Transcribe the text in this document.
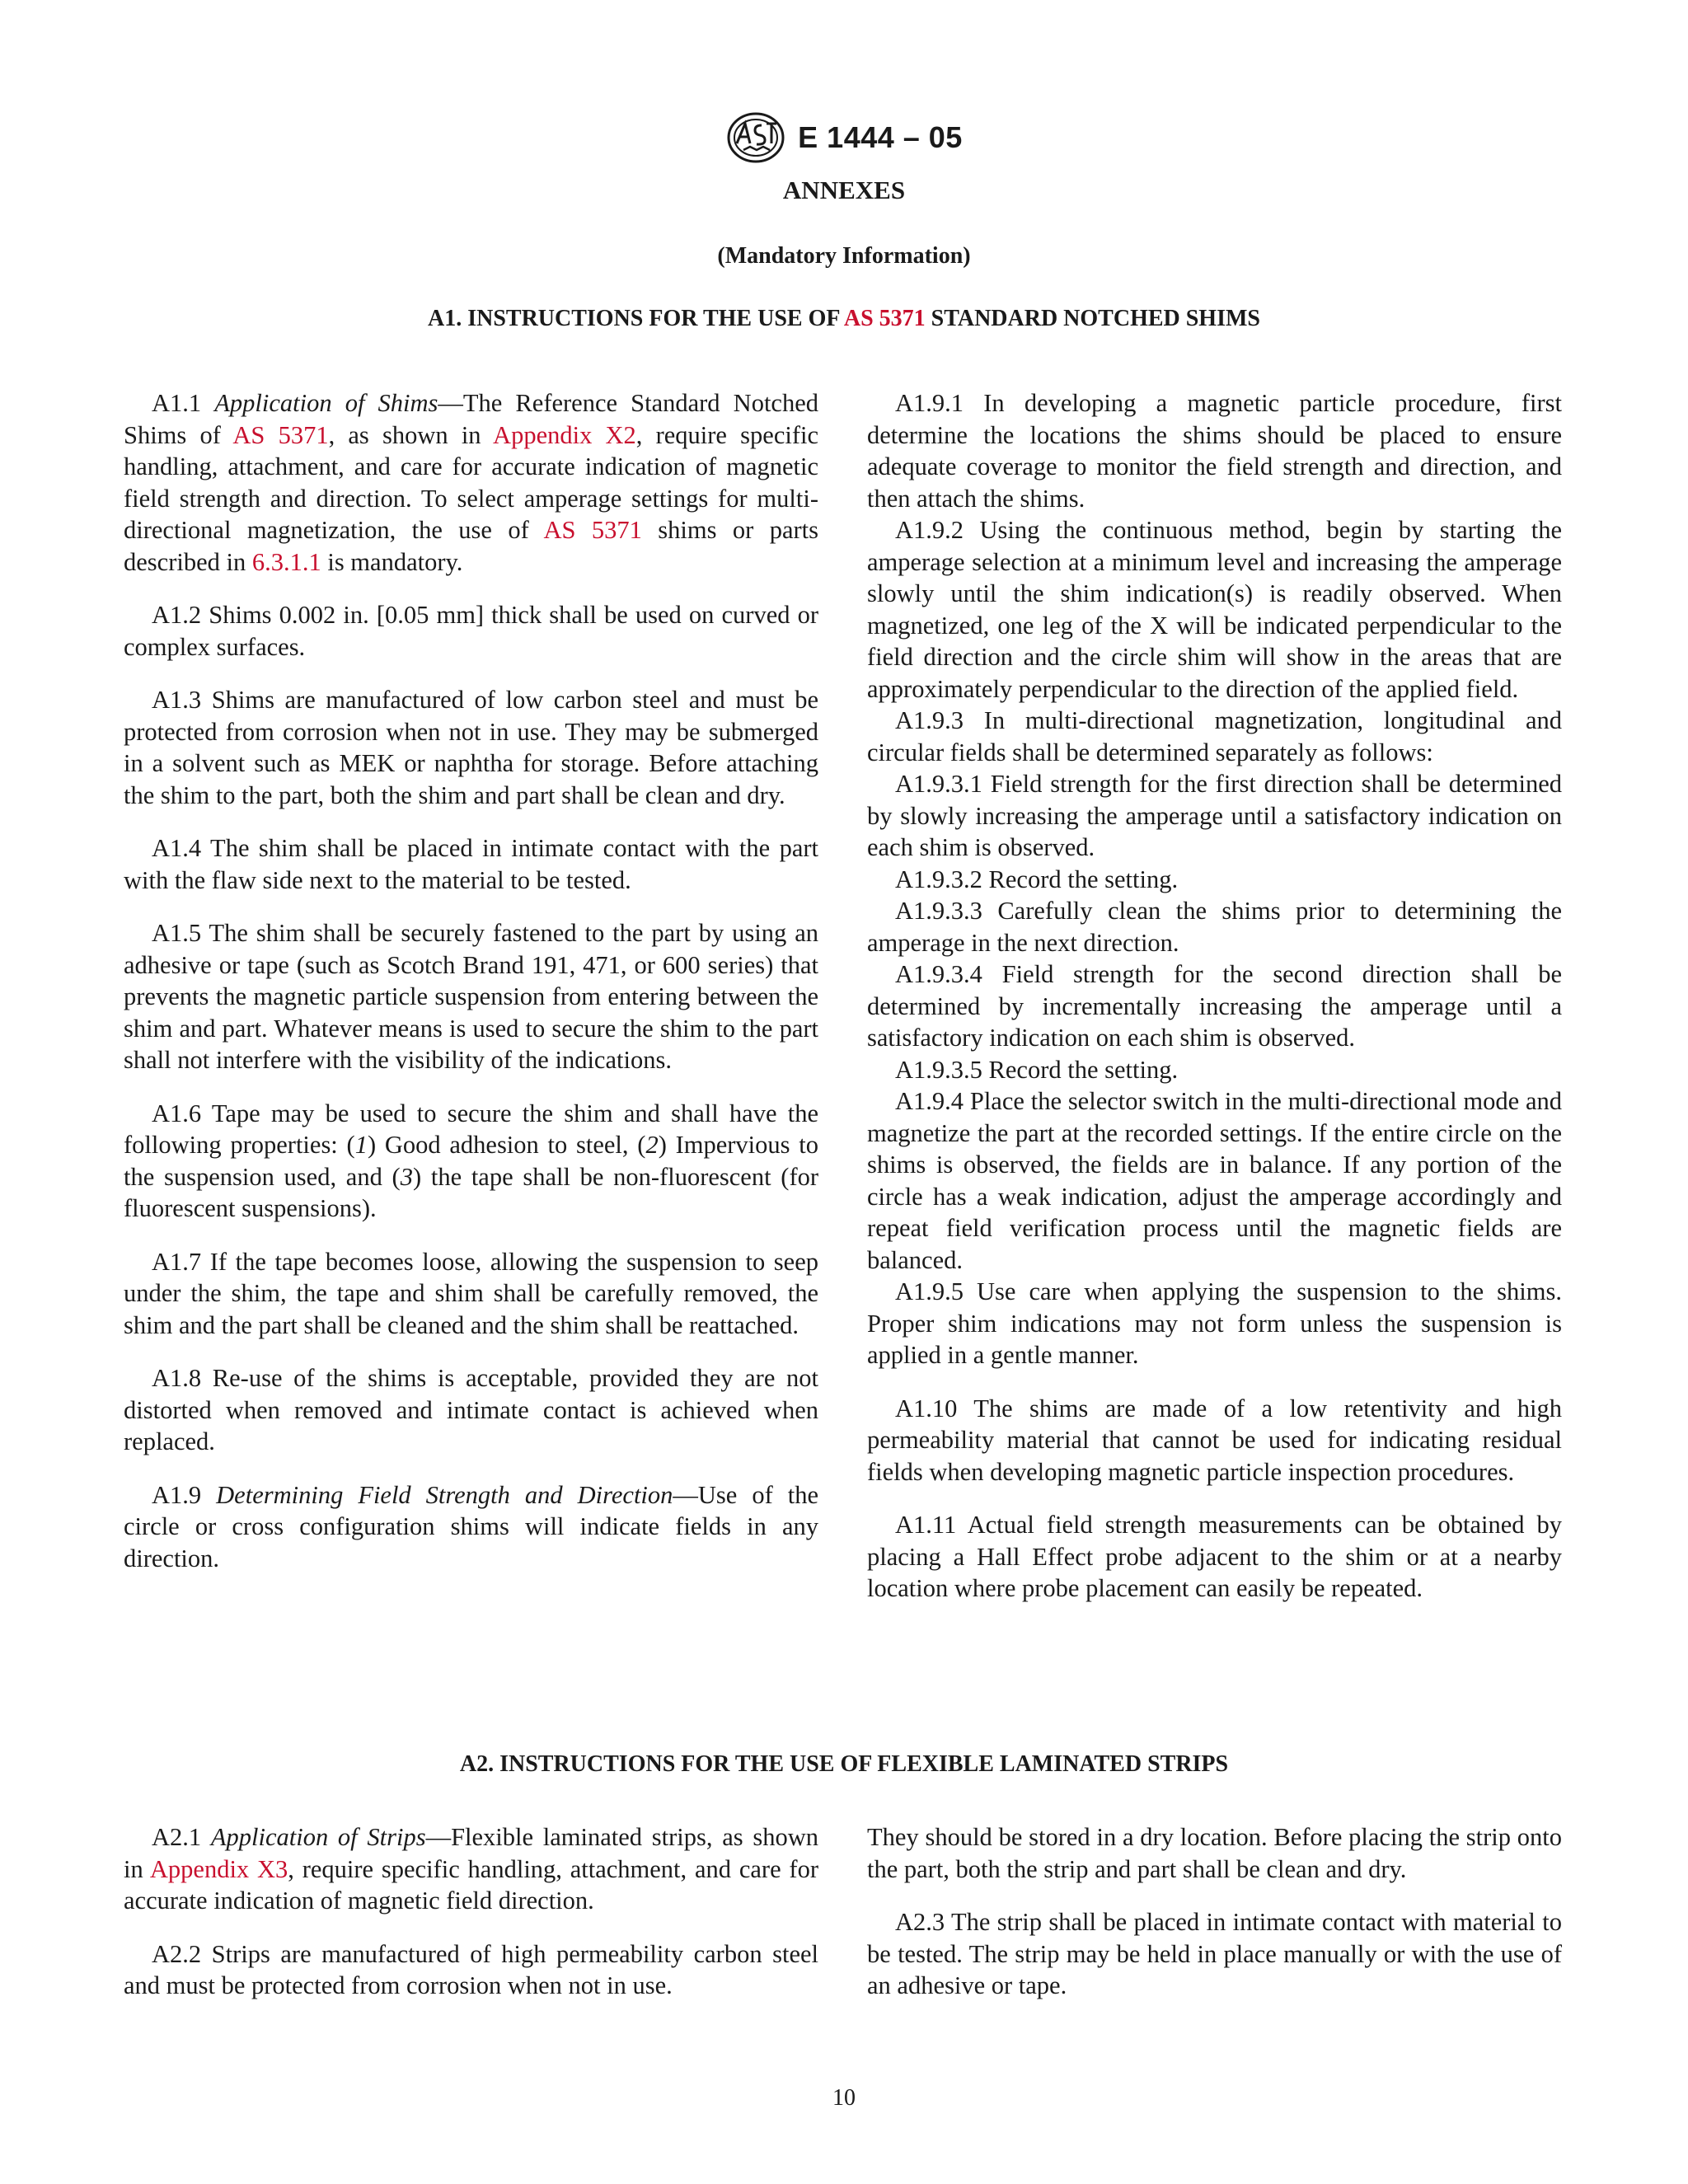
E 1444 – 05
ANNEXES
(Mandatory Information)
A1. INSTRUCTIONS FOR THE USE OF AS 5371 STANDARD NOTCHED SHIMS

A1.1 Application of Shims—The Reference Standard Notched Shims of AS 5371, as shown in Appendix X2, require specific handling, attachment, and care for accurate indication of magnetic field strength and direction. To select amperage settings for multi-directional magnetization, the use of AS 5371 shims or parts described in 6.3.1.1 is mandatory.

A1.2 Shims 0.002 in. [0.05 mm] thick shall be used on curved or complex surfaces.

A1.3 Shims are manufactured of low carbon steel and must be protected from corrosion when not in use. They may be submerged in a solvent such as MEK or naphtha for storage. Before attaching the shim to the part, both the shim and part shall be clean and dry.

A1.4 The shim shall be placed in intimate contact with the part with the flaw side next to the material to be tested.

A1.5 The shim shall be securely fastened to the part by using an adhesive or tape (such as Scotch Brand 191, 471, or 600 series) that prevents the magnetic particle suspension from entering between the shim and part. Whatever means is used to secure the shim to the part shall not interfere with the visibility of the indications.

A1.6 Tape may be used to secure the shim and shall have the following properties: (1) Good adhesion to steel, (2) Impervious to the suspension used, and (3) the tape shall be non-fluorescent (for fluorescent suspensions).

A1.7 If the tape becomes loose, allowing the suspension to seep under the shim, the tape and shim shall be carefully removed, the shim and the part shall be cleaned and the shim shall be reattached.

A1.8 Re-use of the shims is acceptable, provided they are not distorted when removed and intimate contact is achieved when replaced.

A1.9 Determining Field Strength and Direction—Use of the circle or cross configuration shims will indicate fields in any direction.

A1.9.1 In developing a magnetic particle procedure, first determine the locations the shims should be placed to ensure adequate coverage to monitor the field strength and direction, and then attach the shims.

A1.9.2 Using the continuous method, begin by starting the amperage selection at a minimum level and increasing the amperage slowly until the shim indication(s) is readily observed. When magnetized, one leg of the X will be indicated perpendicular to the field direction and the circle shim will show in the areas that are approximately perpendicular to the direction of the applied field.

A1.9.3 In multi-directional magnetization, longitudinal and circular fields shall be determined separately as follows:

A1.9.3.1 Field strength for the first direction shall be determined by slowly increasing the amperage until a satisfactory indication on each shim is observed.

A1.9.3.2 Record the setting.

A1.9.3.3 Carefully clean the shims prior to determining the amperage in the next direction.

A1.9.3.4 Field strength for the second direction shall be determined by incrementally increasing the amperage until a satisfactory indication on each shim is observed.

A1.9.3.5 Record the setting.

A1.9.4 Place the selector switch in the multi-directional mode and magnetize the part at the recorded settings. If the entire circle on the shims is observed, the fields are in balance. If any portion of the circle has a weak indication, adjust the amperage accordingly and repeat field verification process until the magnetic fields are balanced.

A1.9.5 Use care when applying the suspension to the shims. Proper shim indications may not form unless the suspension is applied in a gentle manner.

A1.10 The shims are made of a low retentivity and high permeability material that cannot be used for indicating residual fields when developing magnetic particle inspection procedures.

A1.11 Actual field strength measurements can be obtained by placing a Hall Effect probe adjacent to the shim or at a nearby location where probe placement can easily be repeated.

A2. INSTRUCTIONS FOR THE USE OF FLEXIBLE LAMINATED STRIPS

A2.1 Application of Strips—Flexible laminated strips, as shown in Appendix X3, require specific handling, attachment, and care for accurate indication of magnetic field direction.

A2.2 Strips are manufactured of high permeability carbon steel and must be protected from corrosion when not in use.

They should be stored in a dry location. Before placing the strip onto the part, both the strip and part shall be clean and dry.

A2.3 The strip shall be placed in intimate contact with material to be tested. The strip may be held in place manually or with the use of an adhesive or tape.

10
